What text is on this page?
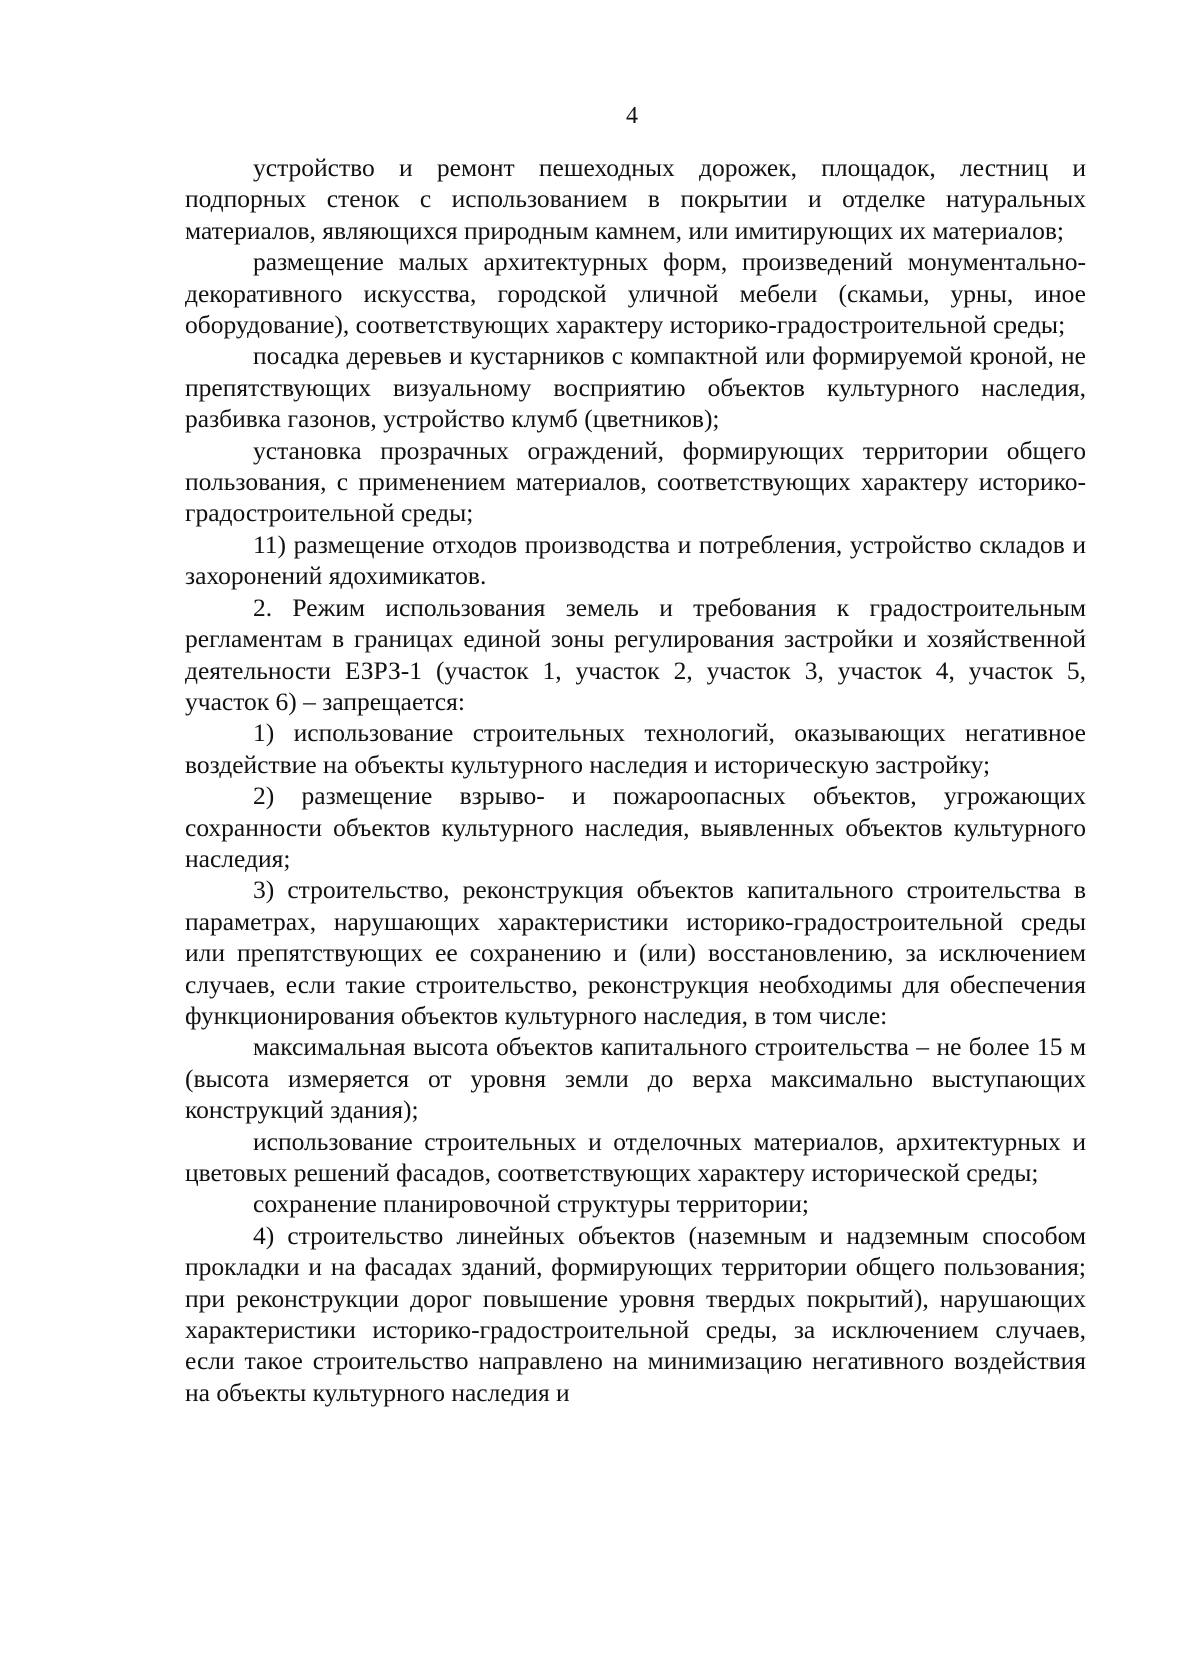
4

устройство и ремонт пешеходных дорожек, площадок, лестниц и подпорных стенок с использованием в покрытии и отделке натуральных материалов, являющихся природным камнем, или имитирующих их материалов;

размещение малых архитектурных форм, произведений монументально-декоративного искусства, городской уличной мебели (скамьи, урны, иное оборудование), соответствующих характеру историко-градостроительной среды;

посадка деревьев и кустарников с компактной или формируемой кроной, не препятствующих визуальному восприятию объектов культурного наследия, разбивка газонов, устройство клумб (цветников);

установка прозрачных ограждений, формирующих территории общего пользования, с применением материалов, соответствующих характеру историко-градостроительной среды;

11) размещение отходов производства и потребления, устройство складов и захоронений ядохимикатов.

2. Режим использования земель и требования к градостроительным регламентам в границах единой зоны регулирования застройки и хозяйственной деятельности ЕЗРЗ-1 (участок 1, участок 2, участок 3, участок 4, участок 5, участок 6) – запрещается:

1) использование строительных технологий, оказывающих негативное воздействие на объекты культурного наследия и историческую застройку;

2) размещение взрыво- и пожароопасных объектов, угрожающих сохранности объектов культурного наследия, выявленных объектов культурного наследия;

3) строительство, реконструкция объектов капитального строительства в параметрах, нарушающих характеристики историко-градостроительной среды или препятствующих ее сохранению и (или) восстановлению, за исключением случаев, если такие строительство, реконструкция необходимы для обеспечения функционирования объектов культурного наследия, в том числе:

максимальная высота объектов капитального строительства – не более 15 м (высота измеряется от уровня земли до верха максимально выступающих конструкций здания);

использование строительных и отделочных материалов, архитектурных и цветовых решений фасадов, соответствующих характеру исторической среды;

сохранение планировочной структуры территории;

4) строительство линейных объектов (наземным и надземным способом прокладки и на фасадах зданий, формирующих территории общего пользования; при реконструкции дорог повышение уровня твердых покрытий), нарушающих характеристики историко-градостроительной среды, за исключением случаев, если такое строительство направлено на минимизацию негативного воздействия на объекты культурного наследия и
